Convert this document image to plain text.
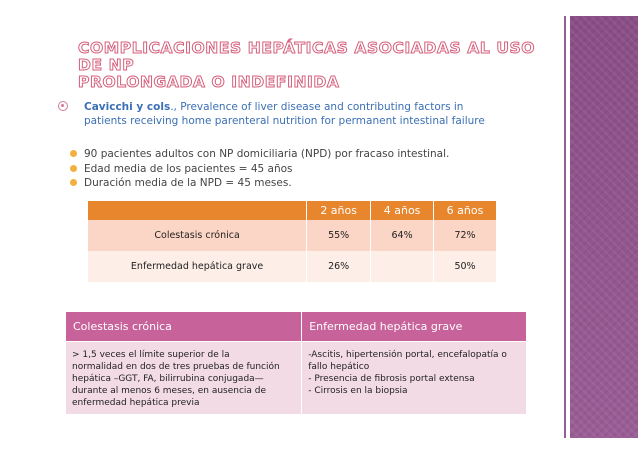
COMPLICACIONES HEPÁTICAS ASOCIADAS AL USO DE NP
PROLONGADA O INDEFINIDA
Cavicchi y cols., Prevalence of liver disease and contributing factors in
patients receiving home parenteral nutrition for permanent intestinal failure
90 pacientes adultos con NP domiciliaria (NPD) por fracaso intestinal.
Edad media de los pacientes = 45 años
Duración media de la NPD = 45 meses.
	2 años	4 años	6 años
Colestasis crónica	55%	64%	72%
Enfermedad hepática grave	26%		50%
Colestasis crónica	Enfermedad hepática grave

> 1,5 veces el límite superior de la
normalidad en dos de tres pruebas de función
hepática –GGT, FA, bilirrubina conjugada—
durante al menos 6 meses, en ausencia de
enfermedad hepática previa	-Ascitis, hipertensión portal, encefalopatía o
fallo hepático
- Presencia de fibrosis portal extensa
- Cirrosis en la biopsia
